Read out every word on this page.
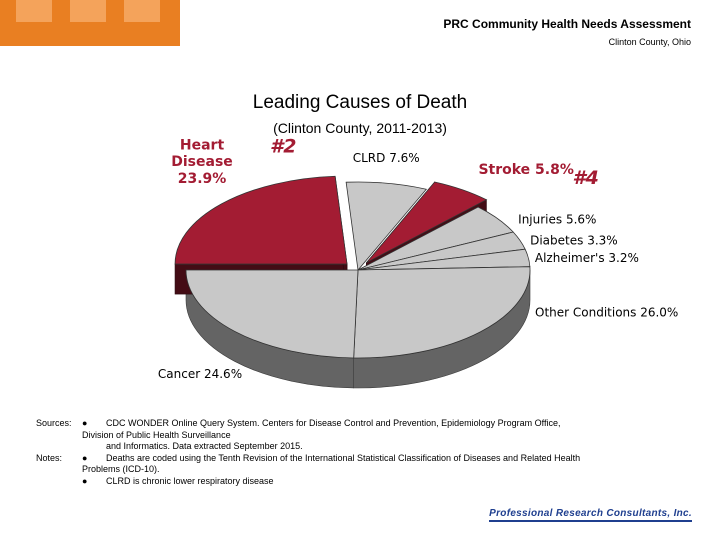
PRC Community Health Needs Assessment
Clinton County, Ohio
Leading Causes of Death
(Clinton County, 2011-2013)
Heart Disease 23.9%
#2
CLRD 7.6%
Stroke 5.8%
#4
Injuries 5.6%
Diabetes 3.3%
Alzheimer's 3.2%
Other Conditions 26.0%
Cancer 24.6%
Sources:	● CDC WONDER Online Query System. Centers for Disease Control and Prevention, Epidemiology Program Office,
Division of Public Health Surveillance
and Informatics. Data extracted September 2015.
Notes:	● Deaths are coded using the Tenth Revision of the International Statistical Classification of Diseases and Related Health
Problems (ICD-10).
● CLRD is chronic lower respiratory disease
Professional Research Consultants, Inc.
